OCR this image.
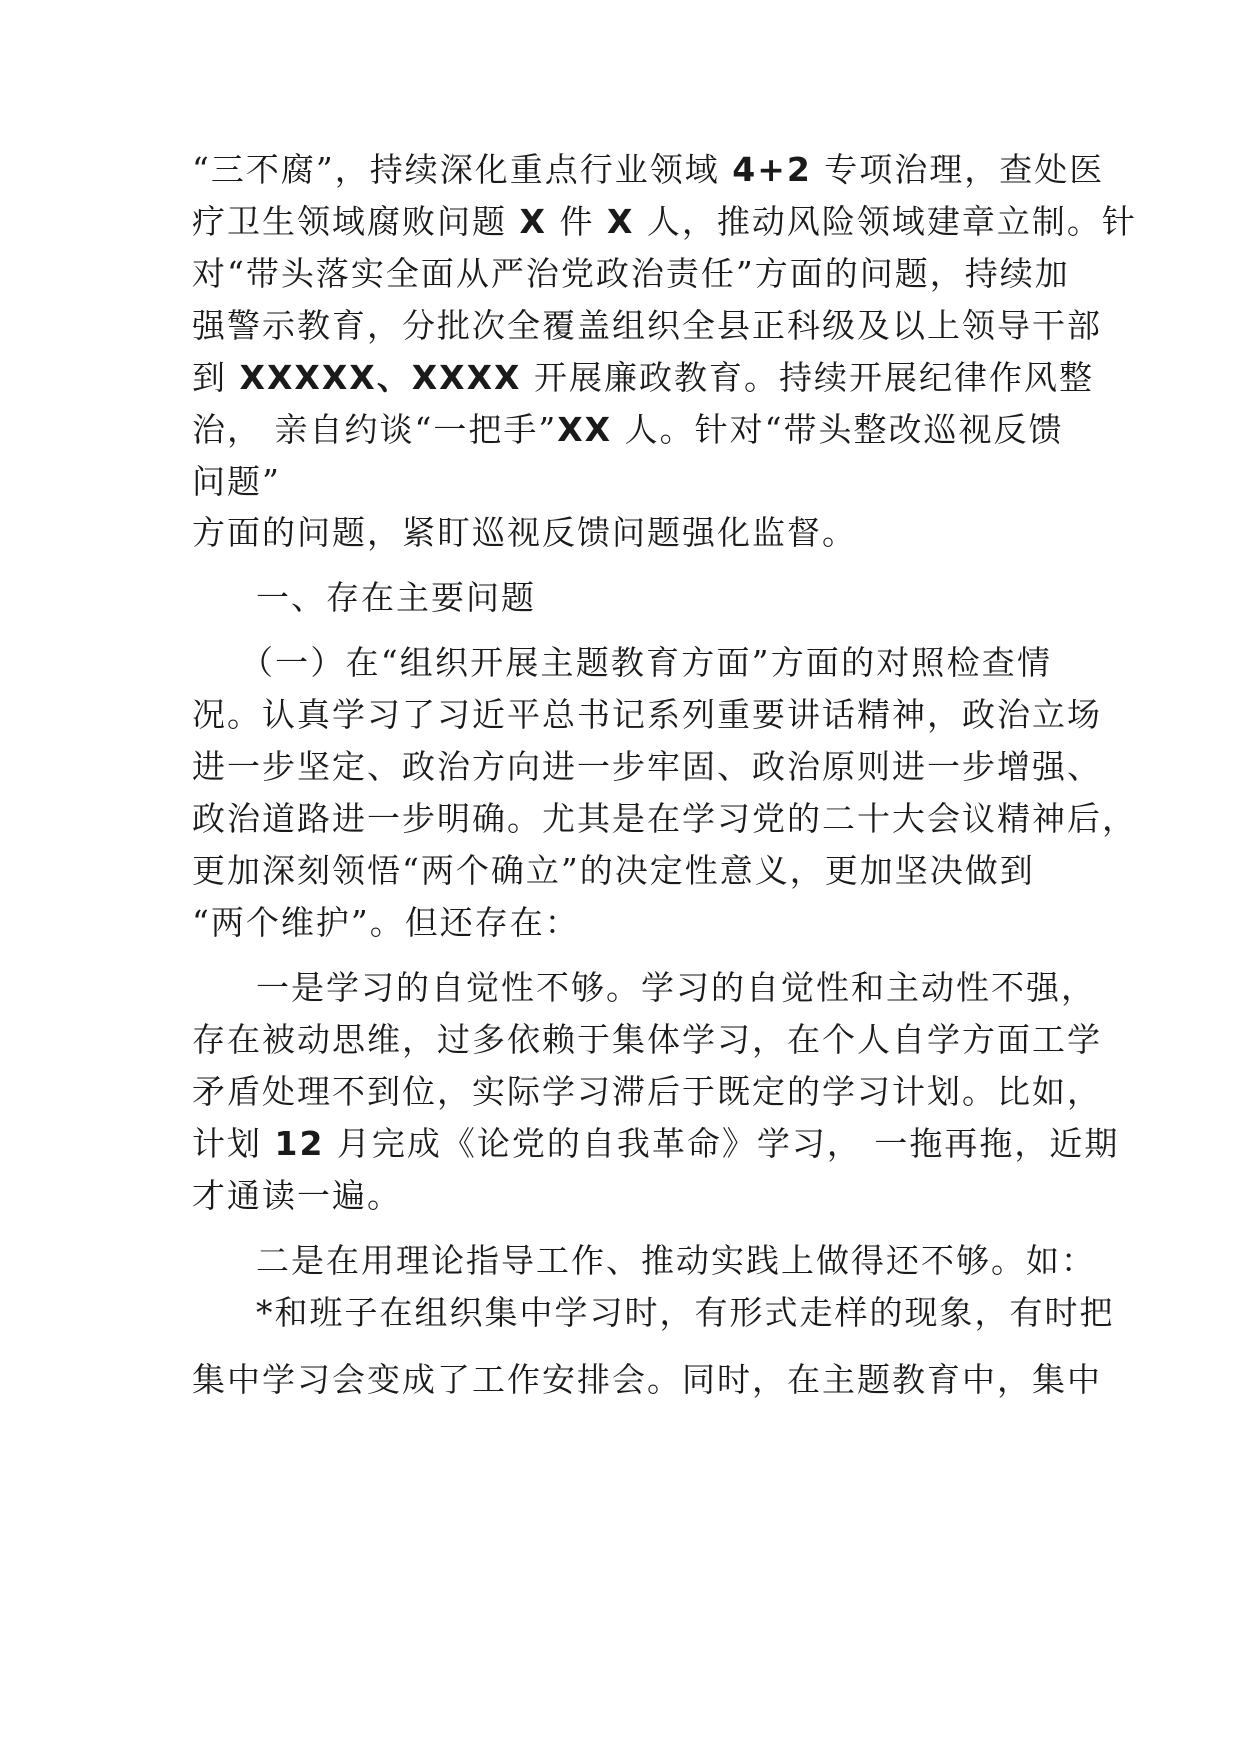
“三不腐”，持续深化重点行业领域 4+2 专项治理，查处医
疗卫生领域腐败问题 X 件 X 人，推动风险领域建章立制。针
对“带头落实全面从严治党政治责任”方面的问题，持续加
强警示教育，分批次全覆盖组织全县正科级及以上领导干部
到 XXXXX、XXXX 开展廉政教育。持续开展纪律作风整
治， 亲自约谈“一把手”XX 人。针对“带头整改巡视反馈
问题”
方面的问题，紧盯巡视反馈问题强化监督。
一、存在主要问题
（一）在“组织开展主题教育方面”方面的对照检查情
况。认真学习了习近平总书记系列重要讲话精神，政治立场
进一步坚定、政治方向进一步牢固、政治原则进一步增强、
政治道路进一步明确。尤其是在学习党的二十大会议精神后，
更加深刻领悟“两个确立”的决定性意义，更加坚决做到
“两个维护”。但还存在：
一是学习的自觉性不够。学习的自觉性和主动性不强，
存在被动思维，过多依赖于集体学习，在个人自学方面工学
矛盾处理不到位，实际学习滞后于既定的学习计划。比如，
计划 12 月完成《论党的自我革命》学习， 一拖再拖，近期
才通读一遍。
二是在用理论指导工作、推动实践上做得还不够。如：
*和班子在组织集中学习时，有形式走样的现象，有时把
集中学习会变成了工作安排会。同时，在主题教育中，集中
